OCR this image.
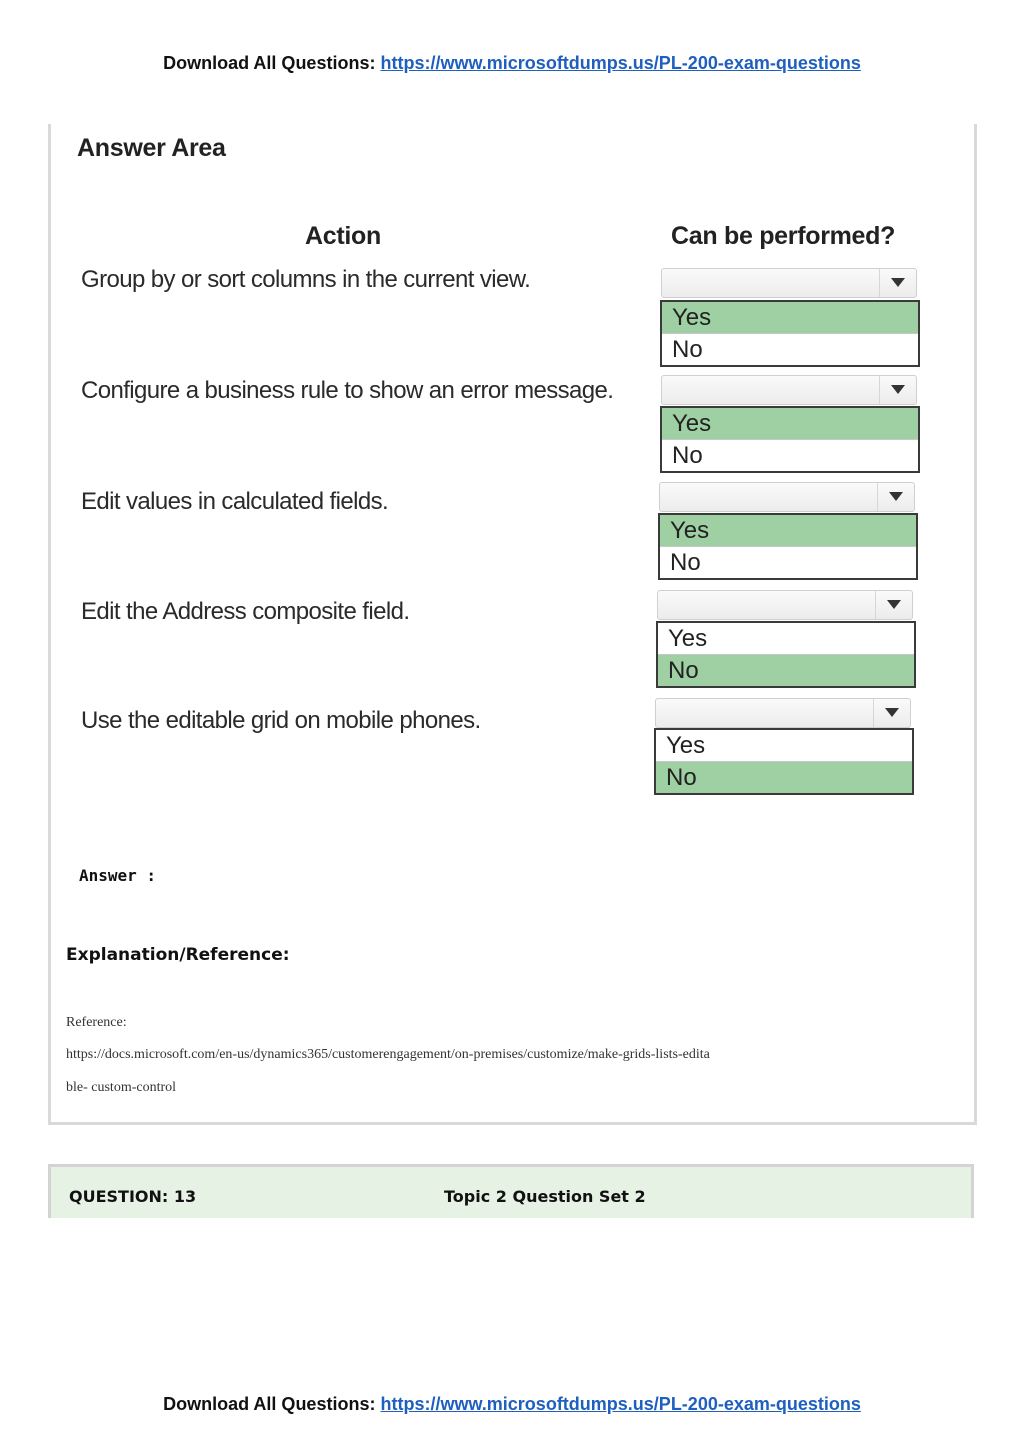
Download All Questions: https://www.microsoftdumps.us/PL-200-exam-questions
Answer Area
Action	Can be performed?
Group by or sort columns in the current view.
Yes
No
Configure a business rule to show an error message.
Yes
No
Edit values in calculated fields.
Yes
No
Edit the Address composite field.
Yes
No
Use the editable grid on mobile phones.
Yes
No
Answer :
Explanation/Reference:
Reference:
https://docs.microsoft.com/en-us/dynamics365/customerengagement/on-premises/customize/make-grids-lists-edita
ble- custom-control
QUESTION: 13	Topic 2 Question Set 2
Download All Questions: https://www.microsoftdumps.us/PL-200-exam-questions
